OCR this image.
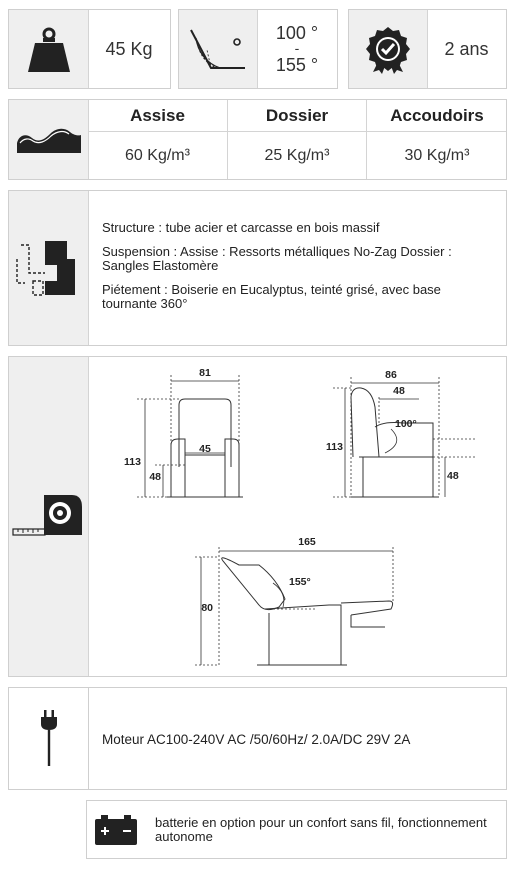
45 Kg
100 °
-
155 °
2 ans
Assise	Dossier	Accoudoirs
60 Kg/m³	25 Kg/m³	30 Kg/m³
Structure : tube acier et carcasse en bois massif
Suspension : Assise : Ressorts métalliques No-Zag Dossier : Sangles Elastomère
Piétement : Boiserie en Eucalyptus, teinté grisé, avec base tournante 360°
81
45
113
48
86
48
113
48
100°
165
80
155°
Moteur AC100-240V AC /50/60Hz/ 2.0A/DC 29V 2A
batterie en option pour un confort sans fil, fonctionnement autonome
